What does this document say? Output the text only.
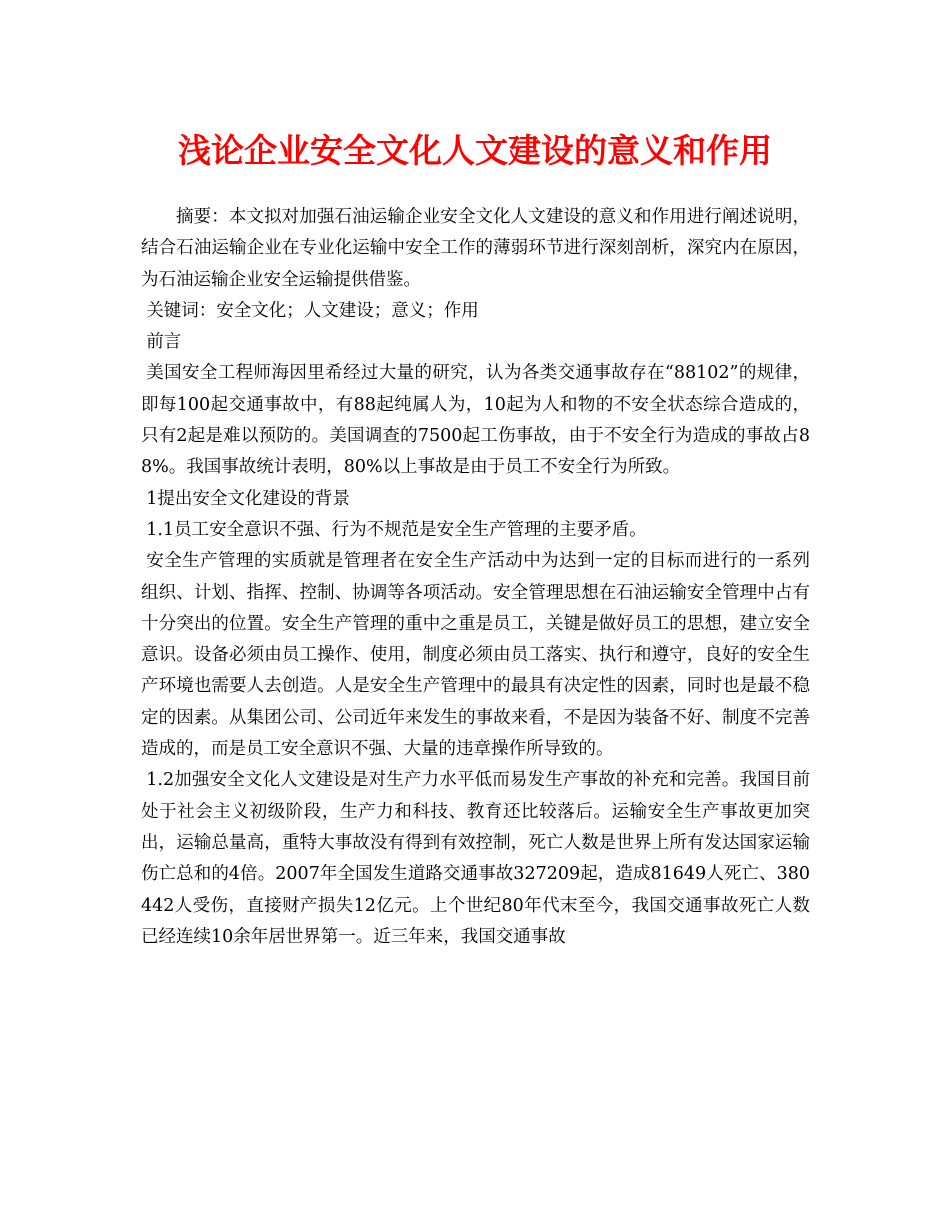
浅论企业安全文化人文建设的意义和作用

摘要：本文拟对加强石油运输企业安全文化人文建设的意义和作用进行阐述说明，结合石油运输企业在专业化运输中安全工作的薄弱环节进行深刻剖析，深究内在原因，为石油运输企业安全运输提供借鉴。

关键词：安全文化；人文建设；意义；作用

前言

美国安全工程师海因里希经过大量的研究，认为各类交通事故存在“88102”的规律，即每100起交通事故中，有88起纯属人为，10起为人和物的不安全状态综合造成的，只有2起是难以预防的。美国调查的7500起工伤事故，由于不安全行为造成的事故占88%。我国事故统计表明，80%以上事故是由于员工不安全行为所致。

1提出安全文化建设的背景

1.1员工安全意识不强、行为不规范是安全生产管理的主要矛盾。

安全生产管理的实质就是管理者在安全生产活动中为达到一定的目标而进行的一系列组织、计划、指挥、控制、协调等各项活动。安全管理思想在石油运输安全管理中占有十分突出的位置。安全生产管理的重中之重是员工，关键是做好员工的思想，建立安全意识。设备必须由员工操作、使用，制度必须由员工落实、执行和遵守，良好的安全生产环境也需要人去创造。人是安全生产管理中的最具有决定性的因素，同时也是最不稳定的因素。从集团公司、公司近年来发生的事故来看，不是因为装备不好、制度不完善造成的，而是员工安全意识不强、大量的违章操作所导致的。

1.2加强安全文化人文建设是对生产力水平低而易发生产事故的补充和完善。我国目前处于社会主义初级阶段，生产力和科技、教育还比较落后。运输安全生产事故更加突出，运输总量高，重特大事故没有得到有效控制，死亡人数是世界上所有发达国家运输伤亡总和的4倍。2007年全国发生道路交通事故327209起，造成81649人死亡、380442人受伤，直接财产损失12亿元。上个世纪80年代末至今，我国交通事故死亡人数已经连续10余年居世界第一。近三年来，我国交通事故
